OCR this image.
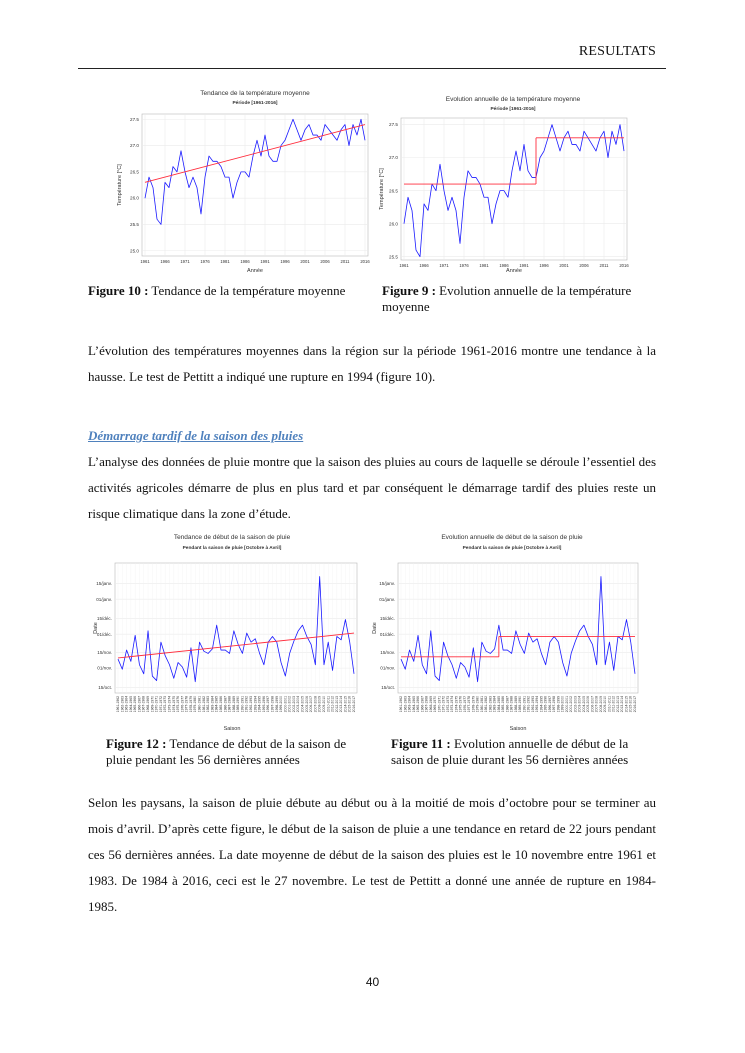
RESULTATS
Tendance de la température moyenne
Période [1961-2016]
25.0
25.5
26.0
26.5
27.0
27.5
1961	1966	1971	1976	1981	1986	1991	1996	2001	2006	2011	2016
Année
Température [°C]
Evolution annuelle de la température moyenne
Période [1961-2016]
25.5
26.0
26.5
27.0
27.5
1961	1966	1971	1976	1981	1986	1991	1996	2001	2006	2011	2016
Année
Température [°C]
Figure 10 : Tendance de la température moyenne	Figure 9 : Evolution annuelle de la température moyenne
L’évolution des températures moyennes dans la région sur la période 1961-2016 montre une tendance à la hausse. Le test de Pettitt a indiqué une rupture en 1994 (figure 10).
Démarrage tardif de la saison des pluies
L’analyse des données de pluie montre que la saison des pluies au cours de laquelle se déroule l’essentiel des activités agricoles démarre de plus en plus tard et par conséquent le démarrage tardif des pluies reste un risque climatique dans la zone d’étude.
Tendance de début de la saison de pluie
Pendant la saison de pluie [Octobre à Avril]
15/oct.
01/nov.
15/nov.
01/déc.
15/déc.
01/janv.
15/janv.
1961-1962 1962-1963 1963-1964 1964-1965 1965-1966 1966-1967 1967-1968 1968-1969 1969-1970 1970-1971 1971-1972 1972-1973 1973-1974 1974-1975 1975-1976 1976-1977 1977-1978 1978-1979 1979-1980 1980-1981 1981-1982 1982-1983 1983-1984 1984-1985 1985-1986 1986-1987 1987-1988 1988-1989 1989-1990 1990-1991 1991-1992 1992-1993 1993-1994 1994-1995 1995-1996 1996-1997 1997-1998 1998-1999 1999-2000 2000-2001 2001-2002 2002-2003 2003-2004 2004-2005 2005-2006 2006-2007 2007-2008 2008-2009 2009-2010 2010-2011 2011-2012 2012-2013 2013-2014 2014-2015 2015-2016 2016-2017
Saison
Date
Evolution annuelle de début de la saison de pluie
Pendant la saison de pluie [Octobre à Avril]
15/oct.
01/nov.
15/nov.
01/déc.
15/déc.
01/janv.
15/janv.
1961-1962 1962-1963 1963-1964 1964-1965 1965-1966 1966-1967 1967-1968 1968-1969 1969-1970 1970-1971 1971-1972 1972-1973 1973-1974 1974-1975 1975-1976 1976-1977 1977-1978 1978-1979 1979-1980 1980-1981 1981-1982 1982-1983 1983-1984 1984-1985 1985-1986 1986-1987 1987-1988 1988-1989 1989-1990 1990-1991 1991-1992 1992-1993 1993-1994 1994-1995 1995-1996 1996-1997 1997-1998 1998-1999 1999-2000 2000-2001 2001-2002 2002-2003 2003-2004 2004-2005 2005-2006 2006-2007 2007-2008 2008-2009 2009-2010 2010-2011 2011-2012 2012-2013 2013-2014 2014-2015 2015-2016 2016-2017
Saison
Date
Figure 12 : Tendance de début de la saison de pluie pendant les 56 dernières années
Figure 11 : Evolution annuelle de début de la saison de pluie durant les 56 dernières années
Selon les paysans, la saison de pluie débute au début ou à la moitié de mois d’octobre pour se terminer au mois d’avril. D’après cette figure, le début de la saison de pluie a une tendance en retard de 22 jours pendant ces 56 dernières années. La date moyenne de début de la saison des pluies est le 10 novembre entre 1961 et 1983. De 1984 à 2016, ceci est le 27 novembre. Le test de Pettitt a donné une année de rupture en 1984-1985.
40
